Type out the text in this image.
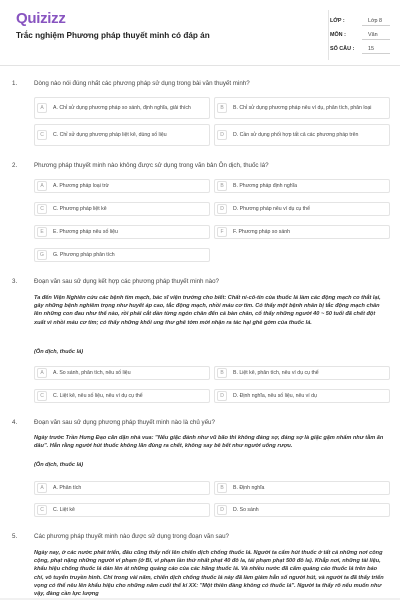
Quizizz
Trắc nghiệm Phương pháp thuyết minh có đáp án
LỚP :	Lớp 8
MÔN :	Văn
SỐ CÂU :	15
1.	Dòng nào nói đúng nhất các phương pháp sử dụng trong bài văn thuyết minh?
A	A. Chỉ sử dụng phương pháp so sánh, định nghĩa, giải thích	B	B. Chỉ sử dụng phương pháp nêu ví dụ, phân tích, phân loại
C	C. Chỉ sử dụng phương pháp liệt kê, dùng số liệu	D	D. Cần sử dụng phối hợp tất cả các phương pháp trên
2.	Phương pháp thuyết minh nào không được sử dụng trong văn bản Ôn dịch, thuốc lá?
A	A. Phương pháp loại trừ	B	B. Phương pháp định nghĩa
C	C. Phương pháp liệt kê	D	D. Phương pháp nêu ví dụ cụ thể
E	E. Phương pháp nêu số liệu	F	F. Phương pháp so sánh
G	G. Phương pháp phân tích
3.	Đoạn văn sau sử dụng kết hợp các phương pháp thuyết minh nào?
Ta đến Viện Nghiên cứu các bệnh tim mạch, bác sĩ viện trưởng cho biết: Chất ni-cô-tin của thuốc lá làm các động mạch co thắt lại, gây những bệnh nghiêm trọng như huyết áp cao, tắc động mạch, nhồi máu cơ tim. Có thấy một bệnh nhân bị tắc động mạch chân lên những con đau như thế nào, rồi phải cắt dần từng ngón chân đến cả bàn chân, cổ thấy những người 40 ~ 50 tuổi đã chết đột xuất vì nhồi máu cơ tim; có thấy những khối ung thư ghê tởm mới nhận ra tác hại ghê gớm của thuốc lá.
(Ôn dịch, thuốc lá)
A	A. So sánh, phân tích, nêu số liệu	B	B. Liệt kê, phân tích, nêu ví dụ cụ thể
C	C. Liệt kê, nêu số liệu, nêu ví dụ cụ thể	D	D. Định nghĩa, nêu số liệu, nêu ví dụ
4.	Đoạn văn sau sử dụng phương pháp thuyết minh nào là chủ yếu?
Ngày trước Trần Hưng Đạo căn dặn nhà vua: "Nếu giặc đánh như vũ bão thì không đáng sợ, đáng sợ là giặc gặm nhấm như tằm ăn dâu". Hắn rằng người hút thuốc không lăn đùng ra chết, không say bê bết như người uống rượu.
(Ôn dịch, thuốc lá)
A	A. Phân tích	B	B. Định nghĩa
C	C. Liệt kê	D	D. So sánh
5.	Các phương pháp thuyết minh nào được sử dụng trong đoạn văn sau?
Ngày nay, ở các nước phát triển, đâu cũng thấy nổi lên chiến dịch chống thuốc lá. Người ta cấm hút thuốc ở tất cả những nơi công cộng, phạt nặng những người vi phạm (ở Bỉ, vi phạm lần thứ nhất phạt 40 đô la, tái phạm phạt 500 đô la). Khắp nơi, những tài liệu, khẩu hiệu chống thuốc lá dán lên át những quảng cáo của các hãng thuốc lá. Và nhiều nước đã cấm quảng cáo thuốc lá trên báo chí, vô tuyến truyền hình. Chỉ trong vài năm, chiến dịch chống thuốc lá này đã làm giảm hẳn số người hút, và người ta đã thấy triển vọng có thể nêu lên khẩu hiệu cho những năm cuối thế kỉ XX: "Một thiên đàng không có thuốc lá". Người ta thấy rõ nếu muốn như vậy, đàng cần lực lượng
